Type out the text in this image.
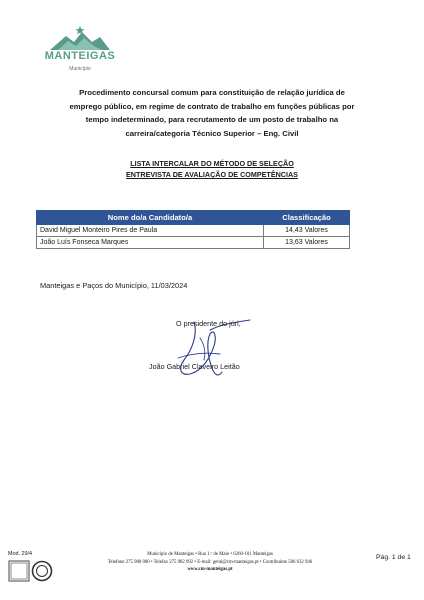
MANTEIGAS
Município
Procedimento concursal comum para constituição de relação jurídica de
emprego público, em regime de contrato de trabalho em funções públicas por
tempo indeterminado, para recrutamento de um posto de trabalho na
carreira/categoria Técnico Superior – Eng. Civil
LISTA INTERCALAR DO MÉTODO DE SELEÇÃO
ENTREVISTA DE AVALIAÇÃO DE COMPETÊNCIAS
Nome do/a Candidato/a	Classificação
David Miguel Monteiro Pires de Paula	14,43 Valores
João Luís Fonseca Marques	13,63 Valores
Manteigas e Paços do Município, 11/03/2024
O presidente do júri,
João Gabriel Claveiro Leitão
Mod. 29/4	Município de Manteigas • Rua 1.º de Maio • 6260-101 Manteigas
Telefone 275 980 000 • Telefax 275 982 092 • E-mail: geral@cm-manteigas.pt • Contribuinte 506 632 946
www.cm-manteigas.pt
Pág. 1 de 1
